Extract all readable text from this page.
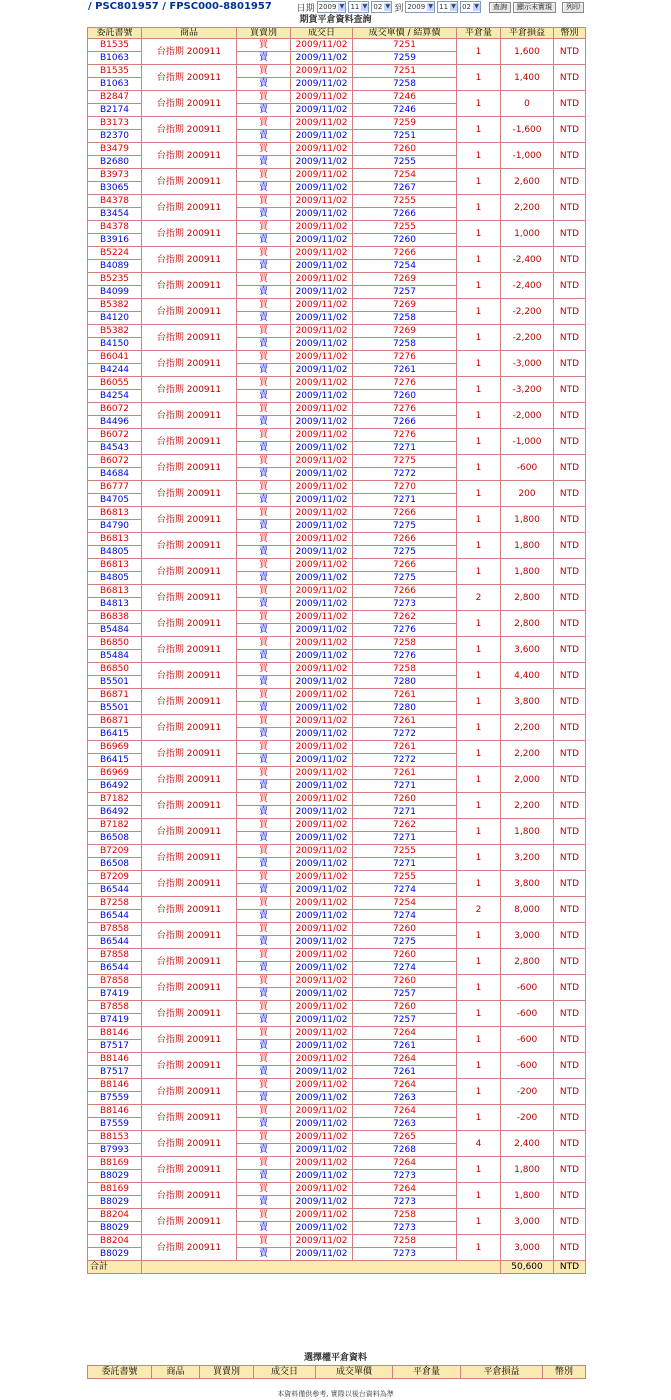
/ PSC801957 / FPSC000-8801957	日期 2009 ▼ 11 ▼ 02 ▼ 到 2009 ▼ 11 ▼ 02 ▼	查詢	顯示末實現	列印
期貨平倉資料查詢
委託書號	商品	買賣別	成交日	成交單價 / 結算價	平倉量	平倉損益	幣別
B1535	台指期 200911	買	2009/11/02	7251	1	1,600	NTD
B1063		賣	2009/11/02	7259			
B1535	台指期 200911	買	2009/11/02	7251	1	1,400	NTD
B1063		賣	2009/11/02	7258			
B2847	台指期 200911	買	2009/11/02	7246	1	0	NTD
B2174		賣	2009/11/02	7246			
B3173	台指期 200911	買	2009/11/02	7259	1	-1,600	NTD
B2370		賣	2009/11/02	7251			
B3479	台指期 200911	買	2009/11/02	7260	1	-1,000	NTD
B2680		賣	2009/11/02	7255			
B3973	台指期 200911	買	2009/11/02	7254	1	2,600	NTD
B3065		賣	2009/11/02	7267			
B4378	台指期 200911	買	2009/11/02	7255	1	2,200	NTD
B3454		賣	2009/11/02	7266			
B4378	台指期 200911	買	2009/11/02	7255	1	1,000	NTD
B3916		賣	2009/11/02	7260			
B5224	台指期 200911	買	2009/11/02	7266	1	-2,400	NTD
B4089		賣	2009/11/02	7254			
B5235	台指期 200911	買	2009/11/02	7269	1	-2,400	NTD
B4099		賣	2009/11/02	7257			
B5382	台指期 200911	買	2009/11/02	7269	1	-2,200	NTD
B4120		賣	2009/11/02	7258			
B5382	台指期 200911	買	2009/11/02	7269	1	-2,200	NTD
B4150		賣	2009/11/02	7258			
B6041	台指期 200911	買	2009/11/02	7276	1	-3,000	NTD
B4244		賣	2009/11/02	7261			
B6055	台指期 200911	買	2009/11/02	7276	1	-3,200	NTD
B4254		賣	2009/11/02	7260			
B6072	台指期 200911	買	2009/11/02	7276	1	-2,000	NTD
B4496		賣	2009/11/02	7266			
B6072	台指期 200911	買	2009/11/02	7276	1	-1,000	NTD
B4543		賣	2009/11/02	7271			
B6072	台指期 200911	買	2009/11/02	7275	1	-600	NTD
B4684		賣	2009/11/02	7272			
B6777	台指期 200911	買	2009/11/02	7270	1	200	NTD
B4705		賣	2009/11/02	7271			
B6813	台指期 200911	買	2009/11/02	7266	1	1,800	NTD
B4790		賣	2009/11/02	7275			
B6813	台指期 200911	買	2009/11/02	7266	1	1,800	NTD
B4805		賣	2009/11/02	7275			
B6813	台指期 200911	買	2009/11/02	7266	1	1,800	NTD
B4805		賣	2009/11/02	7275			
B6813	台指期 200911	買	2009/11/02	7266	2	2,800	NTD
B4813		賣	2009/11/02	7273			
B6838	台指期 200911	買	2009/11/02	7262	1	2,800	NTD
B5484		賣	2009/11/02	7276			
B6850	台指期 200911	買	2009/11/02	7258	1	3,600	NTD
B5484		賣	2009/11/02	7276			
B6850	台指期 200911	買	2009/11/02	7258	1	4,400	NTD
B5501		賣	2009/11/02	7280			
B6871	台指期 200911	買	2009/11/02	7261	1	3,800	NTD
B5501		賣	2009/11/02	7280			
B6871	台指期 200911	買	2009/11/02	7261	1	2,200	NTD
B6415		賣	2009/11/02	7272			
B6969	台指期 200911	買	2009/11/02	7261	1	2,200	NTD
B6415		賣	2009/11/02	7272			
B6969	台指期 200911	買	2009/11/02	7261	1	2,000	NTD
B6492		賣	2009/11/02	7271			
B7182	台指期 200911	買	2009/11/02	7260	1	2,200	NTD
B6492		賣	2009/11/02	7271			
B7182	台指期 200911	買	2009/11/02	7262	1	1,800	NTD
B6508		賣	2009/11/02	7271			
B7209	台指期 200911	買	2009/11/02	7255	1	3,200	NTD
B6508		賣	2009/11/02	7271			
B7209	台指期 200911	買	2009/11/02	7255	1	3,800	NTD
B6544		賣	2009/11/02	7274			
B7258	台指期 200911	買	2009/11/02	7254	2	8,000	NTD
B6544		賣	2009/11/02	7274			
B7858	台指期 200911	買	2009/11/02	7260	1	3,000	NTD
B6544		賣	2009/11/02	7275			
B7858	台指期 200911	買	2009/11/02	7260	1	2,800	NTD
B6544		賣	2009/11/02	7274			
B7858	台指期 200911	買	2009/11/02	7260	1	-600	NTD
B7419		賣	2009/11/02	7257			
B7858	台指期 200911	買	2009/11/02	7260	1	-600	NTD
B7419		賣	2009/11/02	7257			
B8146	台指期 200911	買	2009/11/02	7264	1	-600	NTD
B7517		賣	2009/11/02	7261			
B8146	台指期 200911	買	2009/11/02	7264	1	-600	NTD
B7517		賣	2009/11/02	7261			
B8146	台指期 200911	買	2009/11/02	7264	1	-200	NTD
B7559		賣	2009/11/02	7263			
B8146	台指期 200911	買	2009/11/02	7264	1	-200	NTD
B7559		賣	2009/11/02	7263			
B8153	台指期 200911	買	2009/11/02	7265	4	2,400	NTD
B7993		賣	2009/11/02	7268			
B8169	台指期 200911	買	2009/11/02	7264	1	1,800	NTD
B8029		賣	2009/11/02	7273			
B8169	台指期 200911	買	2009/11/02	7264	1	1,800	NTD
B8029		賣	2009/11/02	7273			
B8204	台指期 200911	買	2009/11/02	7258	1	3,000	NTD
B8029		賣	2009/11/02	7273			
B8204	台指期 200911	買	2009/11/02	7258	1	3,000	NTD
B8029		賣	2009/11/02	7273			
合計						50,600	NTD
選擇權平倉資料
委託書號	商品	買賣別	成交日	成交單價	平倉量	平倉損益	幣別
本資料僅供參考, 實際以後台資料為準
